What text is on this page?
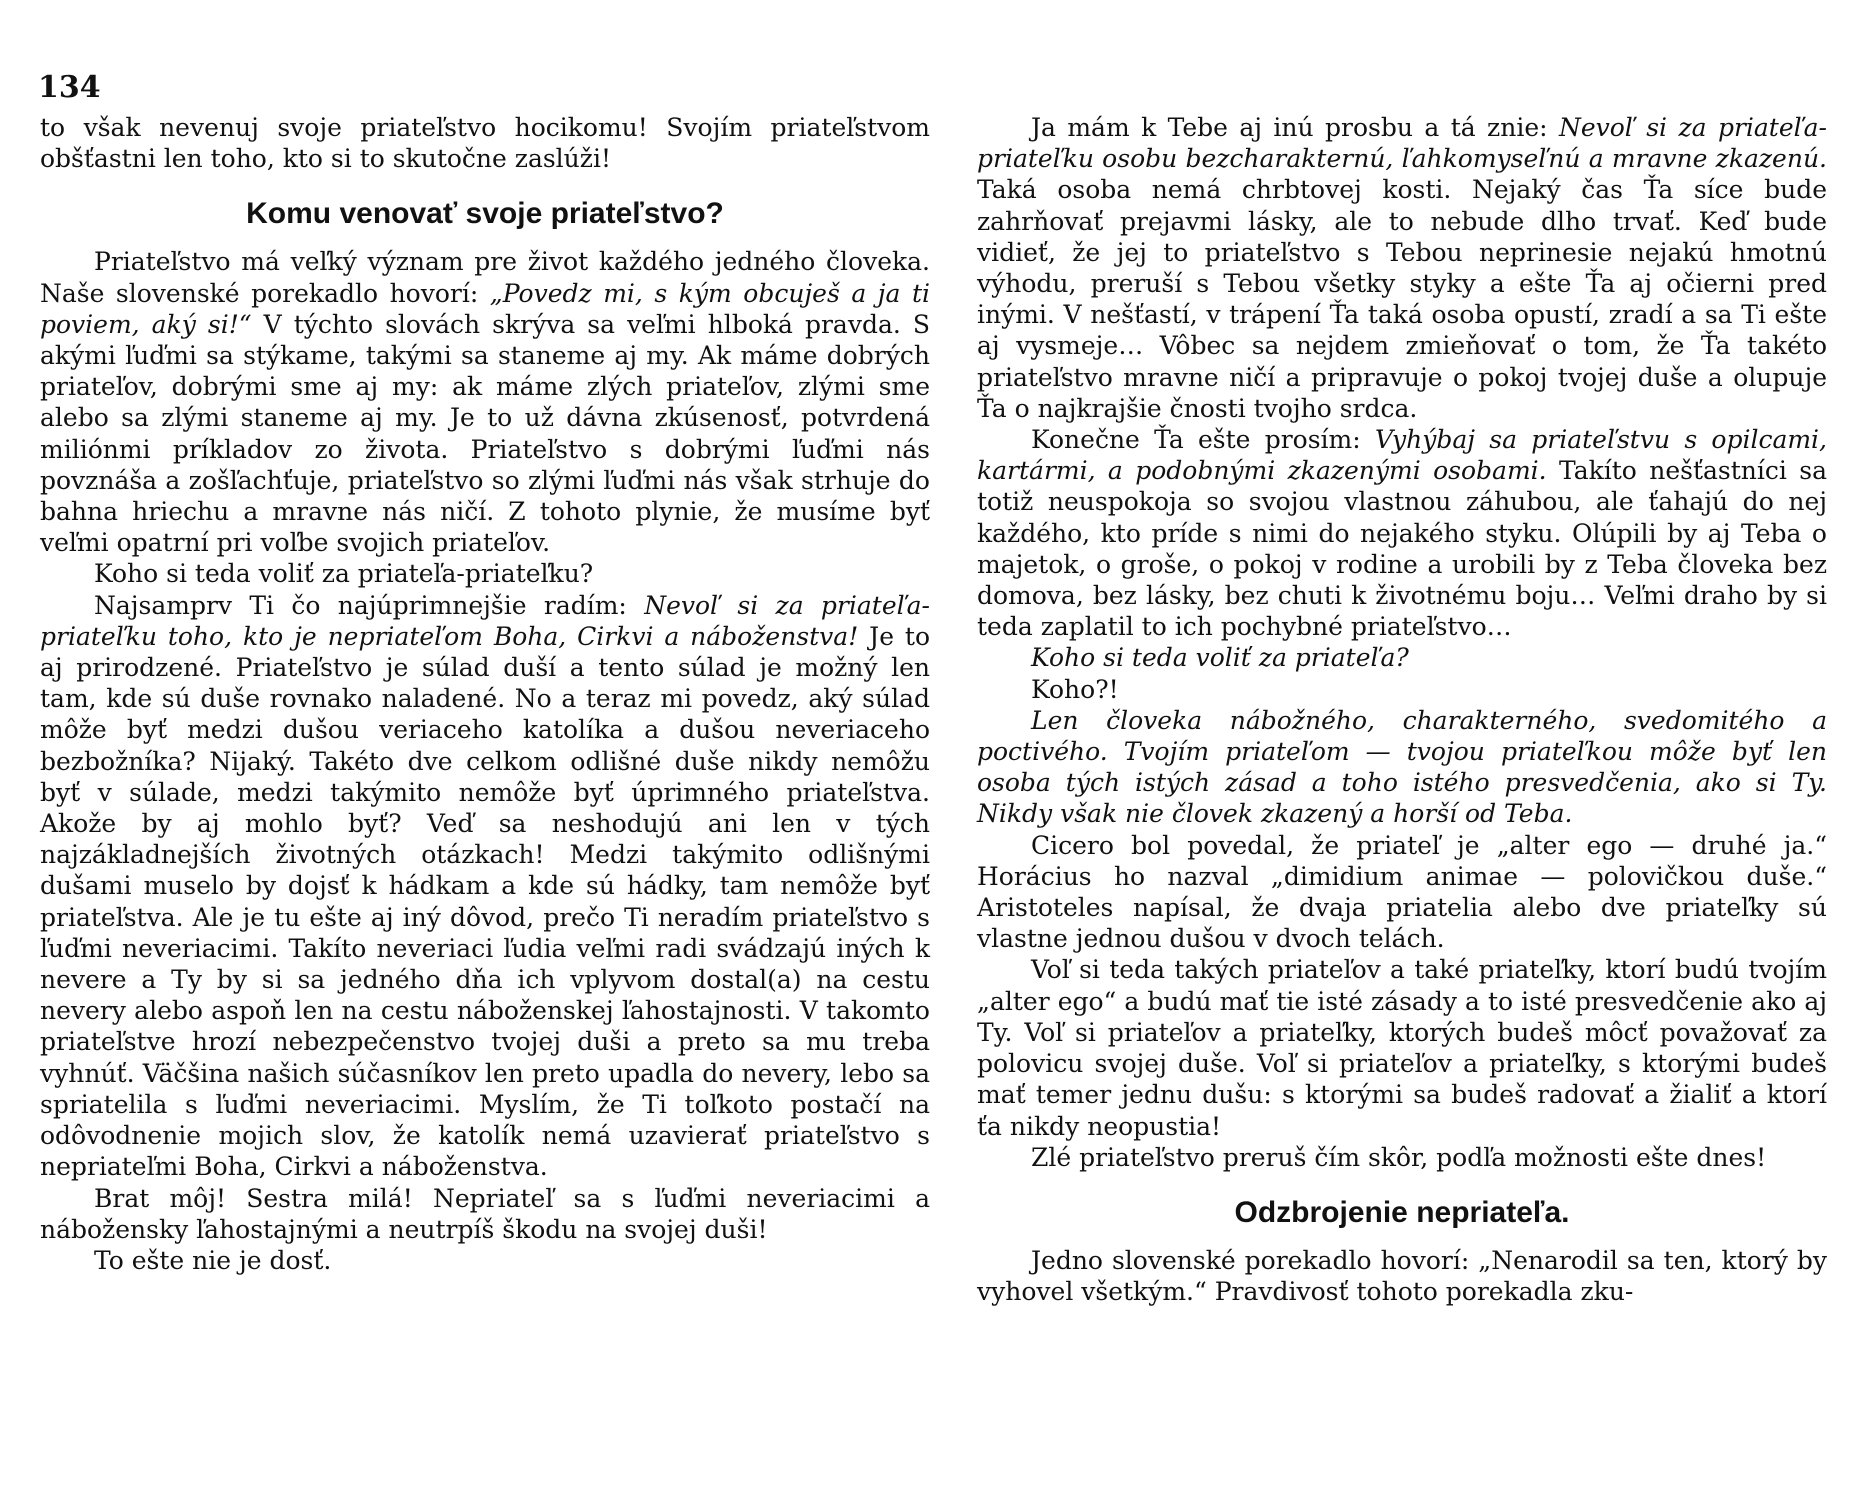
134

to však nevenuj svoje priateľstvo hocikomu! Svojím priateľstvom obšťastni len toho, kto si to skutočne zaslúži!

Komu venovať svoje priateľstvo?

Priateľstvo má veľký význam pre život každého jedného človeka. Naše slovenské porekadlo hovorí: „Povedz mi, s kým obcuješ a ja ti poviem, aký si!“ V týchto slovách skrýva sa veľmi hlboká pravda. S akými ľuďmi sa stýkame, takými sa staneme aj my. Ak máme dobrých priateľov, dobrými sme aj my: ak máme zlých priateľov, zlými sme alebo sa zlými staneme aj my. Je to už dávna zkúsenosť, potvrdená miliónmi príkladov zo života. Priateľstvo s dobrými ľuďmi nás povznáša a zošľachťuje, priateľstvo so zlými ľuďmi nás však strhuje do bahna hriechu a mravne nás ničí. Z tohoto plynie, že musíme byť veľmi opatrní pri voľbe svojich priateľov.

Koho si teda voliť za priateľa-priateľku?

Najsamprv Ti čo najúprimnejšie radím: Nevoľ si za priateľa-priateľku toho, kto je nepriateľom Boha, Cirkvi a náboženstva! Je to aj prirodzené. Priateľstvo je súlad duší a tento súlad je možný len tam, kde sú duše rovnako naladené. No a teraz mi povedz, aký súlad môže byť medzi dušou veriaceho katolíka a dušou neveriaceho bezbožníka? Nijaký. Takéto dve celkom odlišné duše nikdy nemôžu byť v súlade, medzi takýmito nemôže byť úprimného priateľstva. Akože by aj mohlo byť? Veď sa neshodujú ani len v tých najzákladnejších životných otázkach! Medzi takýmito odlišnými dušami muselo by dojsť k hádkam a kde sú hádky, tam nemôže byť priateľstva. Ale je tu ešte aj iný dôvod, prečo Ti neradím priateľstvo s ľuďmi neveriacimi. Takíto neveriaci ľudia veľmi radi svádzajú iných k nevere a Ty by si sa jedného dňa ich vplyvom dostal(a) na cestu nevery alebo aspoň len na cestu náboženskej ľahostajnosti. V takomto priateľstve hrozí nebezpečenstvo tvojej duši a preto sa mu treba vyhnúť. Väčšina našich súčasníkov len preto upadla do nevery, lebo sa spriatelila s ľuďmi neveriacimi. Myslím, že Ti toľkoto postačí na odôvodnenie mojich slov, že katolík nemá uzavierať priateľstvo s nepriateľmi Boha, Cirkvi a náboženstva.

Brat môj! Sestra milá! Nepriateľ sa s ľuďmi neveriacimi a nábožensky ľahostajnými a neutrpíš škodu na svojej duši!

To ešte nie je dosť.

Ja mám k Tebe aj inú prosbu a tá znie: Nevoľ si za priateľa-priateľku osobu bezcharakternú, ľahkomyseľnú a mravne zkazenú. Taká osoba nemá chrbtovej kosti. Nejaký čas Ťa síce bude zahrňovať prejavmi lásky, ale to nebude dlho trvať. Keď bude vidieť, že jej to priateľstvo s Tebou neprinesie nejakú hmotnú výhodu, preruší s Tebou všetky styky a ešte Ťa aj očierni pred inými. V nešťastí, v trápení Ťa taká osoba opustí, zradí a sa Ti ešte aj vysmeje… Vôbec sa nejdem zmieňovať o tom, že Ťa takéto priateľstvo mravne ničí a pripravuje o pokoj tvojej duše a olupuje Ťa o najkrajšie čnosti tvojho srdca.

Konečne Ťa ešte prosím: Vyhýbaj sa priateľstvu s opilcami, kartármi, a podobnými zkazenými osobami. Takíto nešťastníci sa totiž neuspokoja so svojou vlastnou záhubou, ale ťahajú do nej každého, kto príde s nimi do nejakého styku. Olúpili by aj Teba o majetok, o groše, o pokoj v rodine a urobili by z Teba človeka bez domova, bez lásky, bez chuti k životnému boju… Veľmi draho by si teda zaplatil to ich pochybné priateľstvo…

Koho si teda voliť za priateľa?

Koho?!

Len človeka nábožného, charakterného, svedomitého a poctivého. Tvojím priateľom — tvojou priateľkou môže byť len osoba tých istých zásad a toho istého presvedčenia, ako si Ty. Nikdy však nie človek zkazený a horší od Teba.

Cicero bol povedal, že priateľ je „alter ego — druhé ja.“ Horácius ho nazval „dimidium animae — polovičkou duše.“ Aristoteles napísal, že dvaja priatelia alebo dve priateľky sú vlastne jednou dušou v dvoch telách.

Voľ si teda takých priateľov a také priateľky, ktorí budú tvojím „alter ego“ a budú mať tie isté zásady a to isté presvedčenie ako aj Ty. Voľ si priateľov a priateľky, ktorých budeš môcť považovať za polovicu svojej duše. Voľ si priateľov a priateľky, s ktorými budeš mať temer jednu dušu: s ktorými sa budeš radovať a žialiť a ktorí ťa nikdy neopustia!

Zlé priateľstvo preruš čím skôr, podľa možnosti ešte dnes!

Odzbrojenie nepriateľa.

Jedno slovenské porekadlo hovorí: „Nenarodil sa ten, ktorý by vyhovel všetkým.“ Pravdivosť tohoto porekadla zku-
